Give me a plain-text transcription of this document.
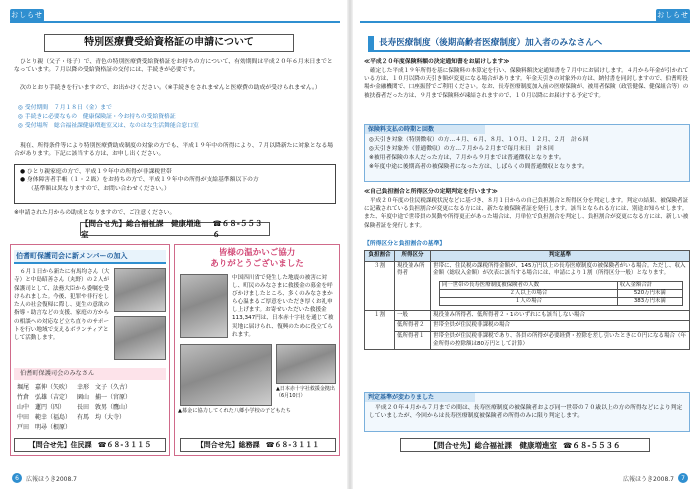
おしらせ
特別医療費受給資格証の申請について

ひとり親（父子・母子）で、青色の特別医療費受給資格証をお持ちの方について、有効期間は平成２０年６月末日までとなっています。７月以降の受給資格証の交付には、手続きが必要です。

次のとおり手続きを行いますので、お出かけください。（※手続きをされませんと医療費の助成が受けられません。）

◎ 受付期間　７月１８日（金）まで

◎ 手続きに必要なもの　健康保険証・今お持ちの受給資格証

◎ 受付場所　総合福祉課健康増進室又は、なのはな生活舞能合窓口室

現在、所得条件等により特別医療費助成制度の対象の方でも、平成１９年中の所得により、７月以降新たに対象となる場合があります。下記に該当する方は、お申し出ください。

● ひとり親家庭の方で、平成１９年中の所得が非課税世帯

● 身体障害者手帳（１・２級）をお持ちの方で、平成１９年中の所得が支給基準額以下の方

（基準額は異なりますので、お問い合わせください。）

※申請された月からの助成となりますので、ご注意ください。

【問合せ先】総合福祉課　健康増進室
☎６８-５５３６
伯耆町保護司会に新メンバーの加入

６月１日から新たに有馬均さん（大寺）と中島昭善さん（丸野）の２人が保護司として、法務大臣から委嘱を受けられました。今後、犯罪や非行をした人の社会復帰に際し、更生の意欲の指導・助言などの支援、家庭の方からの相談への対応など立ち直りのサポートを行い地域で支えるボランティアとして活動します。

伯耆町保護司会のみなさん
堀尾	嘉伸（矢吹）	幸形	文子（久古）
竹倉	弘雄（吉定）	園山	捕一（宮原）
山中	蓮円（四）	長田	敦男（鷹山）
中田	範幸（福島）	有馬	均（大寺）
戸田	明尋（根原）		
【問合せ先】住民課 ☎６８-３１１５
皆様の温かいご協力
ありがとうございました

中国四川省で発生した地震の被害に対し、町民のみなさまに救援金の募金を呼びかけましたところ、多くのみなさまから心温まるご厚意をいただき厚くお礼申し上げます。お寄せいただいた救援金113,347円は、日本赤十字社を通じて被災地に届けられ、復興のために役立てられます。

▲募金に協力してくれた八郷小学校の子どもたち

▲日本赤十字社救援金拠出（6月10日）

【問合せ先】総務課 ☎６８-３１１１
6	広報ほうき2008.7
おしらせ
長寿医療制度（後期高齢者医療制度）加入者のみなさんへ

≪平成２０年度保険料額の決定通知書をお届けします≫

確定した平成１９年所得を基に保険料の本算定を行い、保険料額決定通知書を７月中にお届けします。４月から年金が引かれている方は、１０月以降の天引き額が変更になる場合があります。年金天引きの対象外の方は、納付書を同封しますので、伯耆町役場か金融機関で、口座振替でご利用ください。なお、長寿医療制度加入前の医療保険が、被用者保険（政管健保、健保組合等）の被扶養者だった方は、９月まで保険料が凍結されますので、１０月以降にお届けする予定です。

保険料支払の時期と回数

◎天引き対象（特別徴収）の方…４月、６月、８月、１０月、１２月、２月　計６回

◎天引き対象外（普通徴収）の方…７月から２月まで毎月末日　計８回

※被用者保険の本人だった方は、７月から９月までは普通徴収となります。

※年度中途に後期高者の被保険者になった方は、しばらくの間普通徴収となります。

≪自己負担割合と所得区分の定期判定を行います≫

平成２０年度の住民税課税状況などに基づき、８月１日からの自己負担割合と所得区分を判定します。判定の結果、被保険者証に記載されている負担割合が変更になる方には、新たな被保険者証を発行します。該当となられる方には、別途お知らせします。また、年度中途で世帯員の異動や所得更正があった場合は、月単位で負担割合を判定し、負担割合が変更になる方には、新しい被保険者証を発行します。

【所得区分と負担割合の基準】

負担割合	所得区分	判定基準
３割	現役並み所得者	
世帯に、住民税の課税所得金額が、145万円以上の長寿医療制度の被保険者がいる場合。ただし、収入金額（総収入金額）が次表に該当する場合には、申請により１割（所得区分一般）となります。
同一世帯の長寿医療制度被保険者の人数	収入金額合計
２人以上の場合	520万円未満
１人の場合	383万円未満

１割	一般	現役並み所得者、低所得者２・1のいずれにも該当しない場合
低所得者２	世帯全員が住民税非課税の場合
低所得者１	世帯全員が住民税非課税であり、各員の所得が必要経費・控除を差し引いたときに０円になる場合（年金所得の控除額は80万円として計算）
判定基準が変わりました

平成２０年４月から７月までの間は、長寿医療制度の被保険者および同一世帯の７０歳以上の方の所得などにより判定していましたが、今回からは長寿医療制度被保険者の所得のみに限り判定します。

【問合せ先】総合福祉課　健康増進室 ☎６８-５５３６
広報ほうき2008.7	7
